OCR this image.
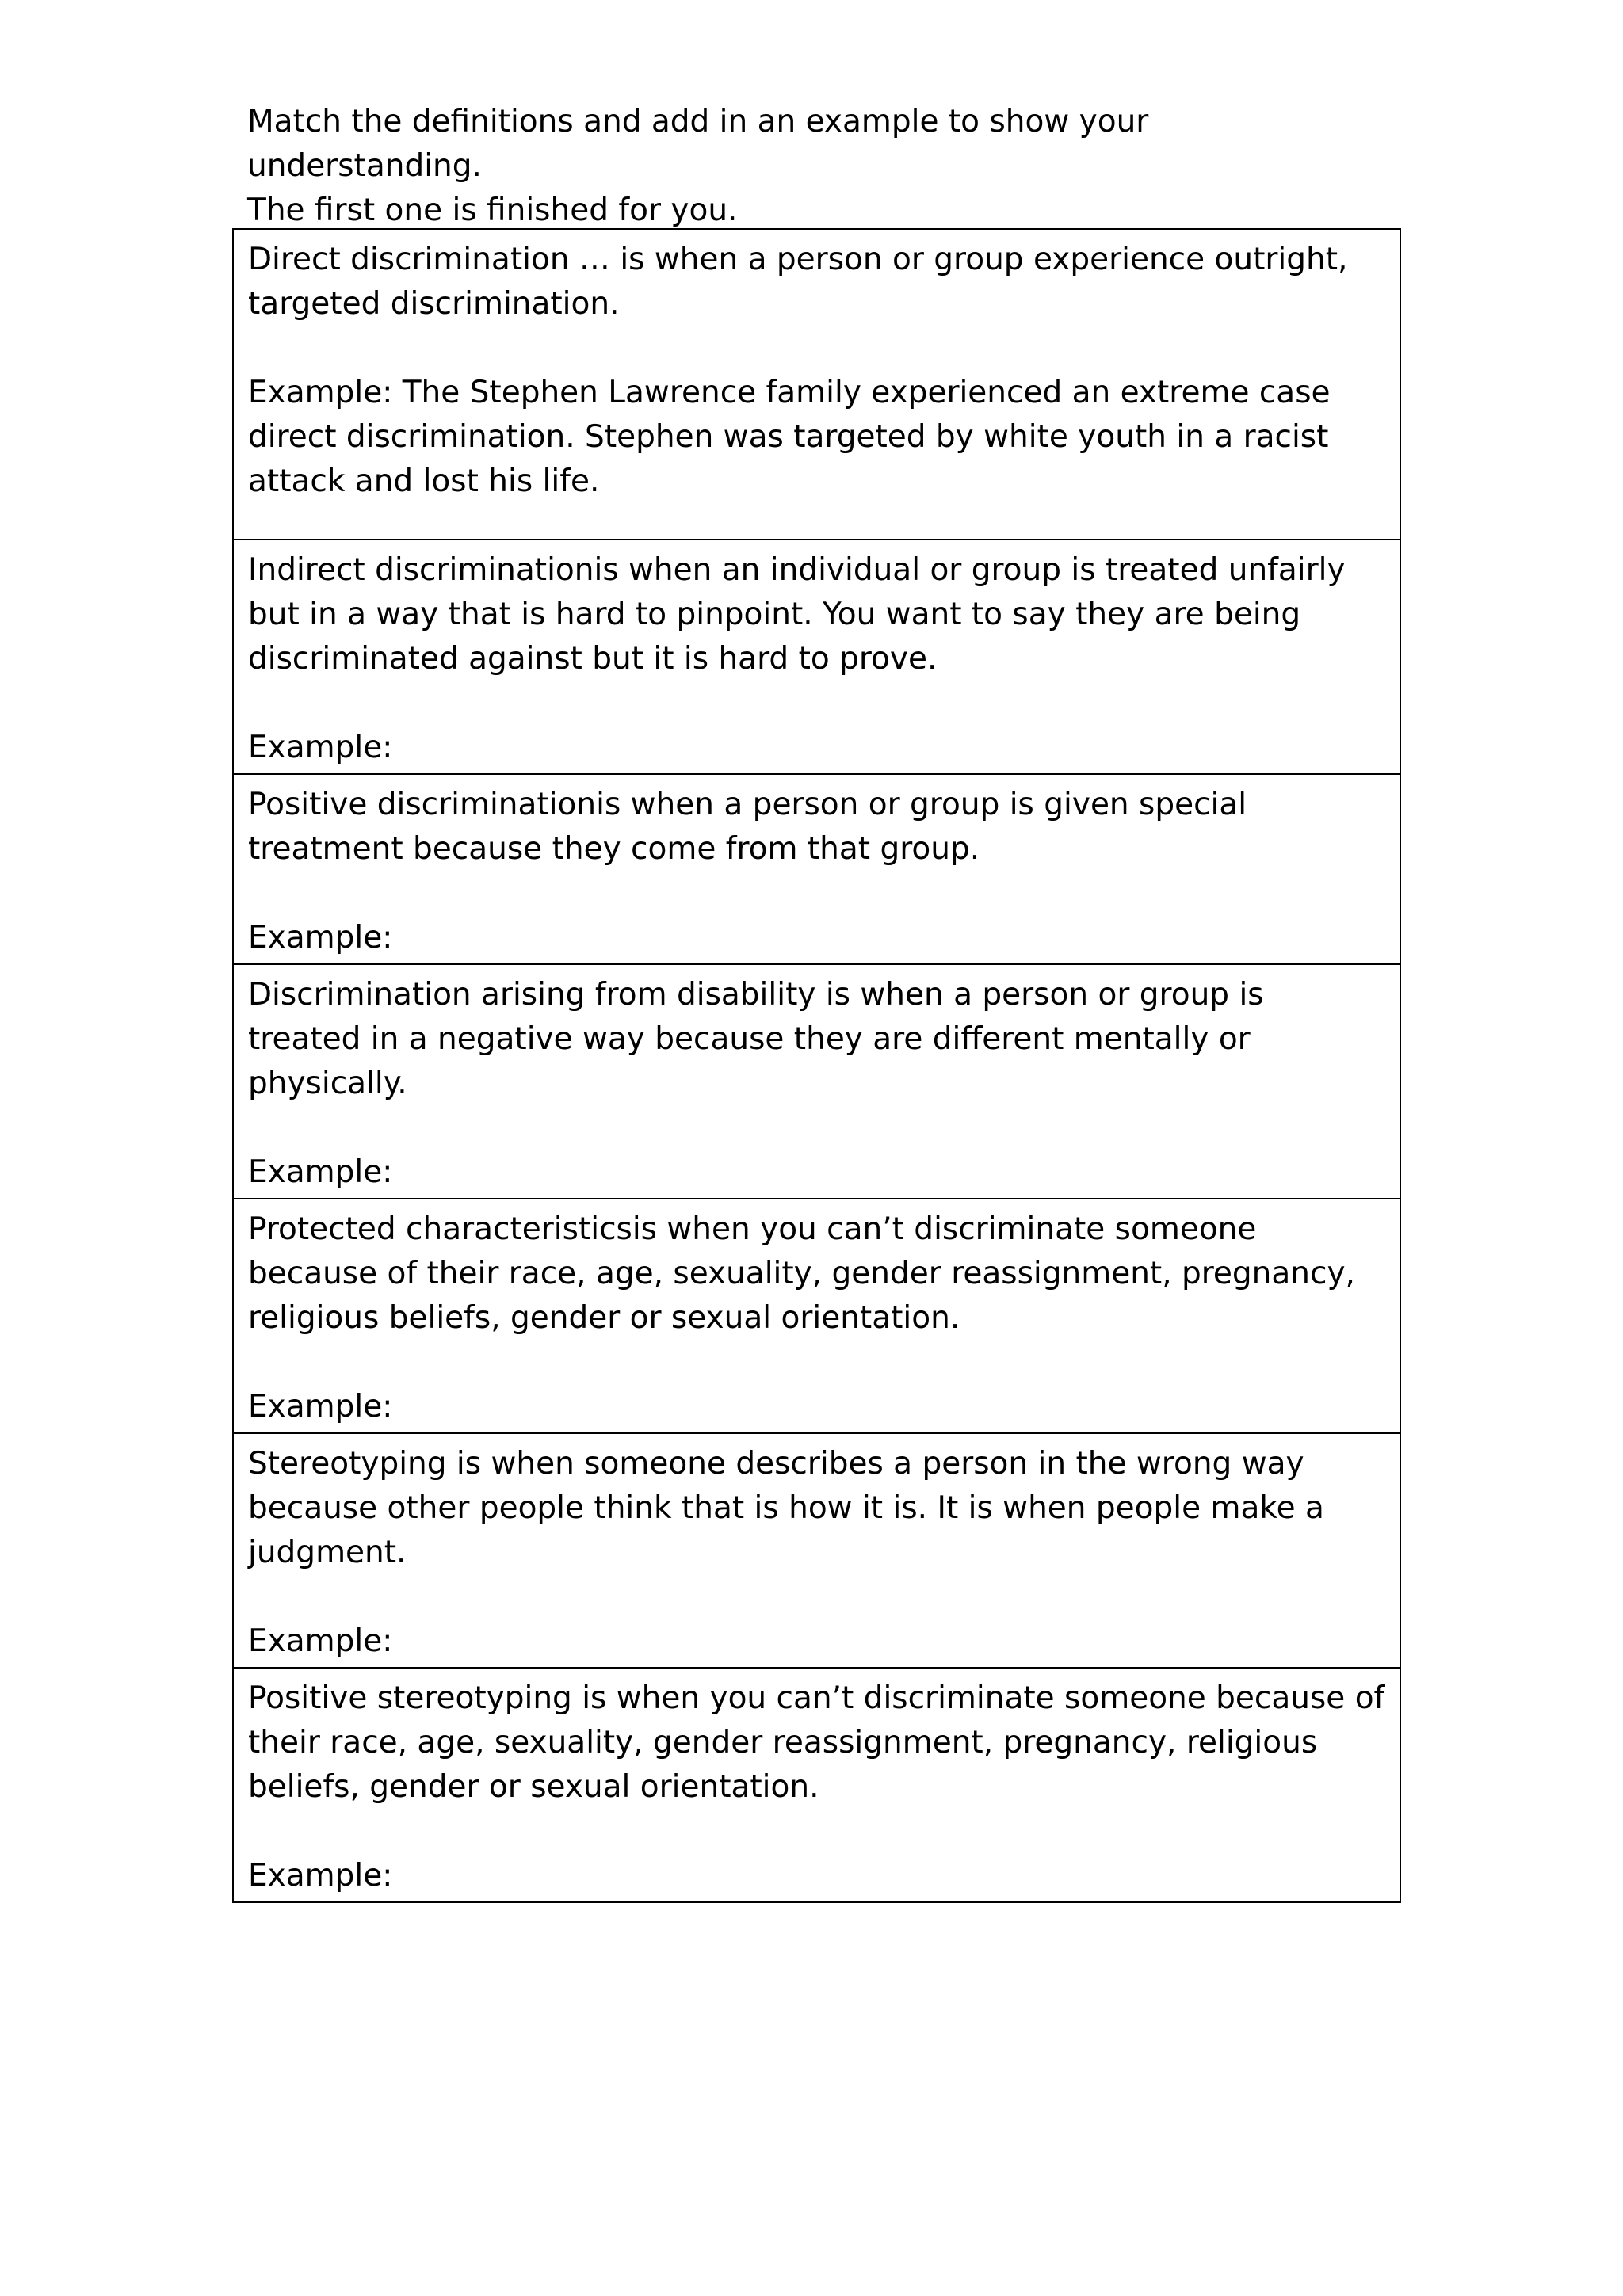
Match the definitions and add in an example to show your understanding.

The first one is finished for you.

Direct discrimination … is when a person or group experience outright, targeted discrimination.

Example: The Stephen Lawrence family experienced an extreme case direct discrimination. Stephen was targeted by white youth in a racist attack and lost his life.

Indirect discriminationis when an individual or group is treated unfairly  but in a way that is hard to pinpoint. You want to say they are being discriminated against but it is hard to prove.

Example:

Positive discriminationis when a person or group is given special treatment because they come from that group.

Example:

Discrimination arising from disability is when a person or group is treated in a negative way because they are different mentally or physically.

Example:

Protected characteristicsis when you can’t discriminate someone because of their race, age, sexuality, gender reassignment, pregnancy, religious beliefs, gender or sexual orientation.

Example:

Stereotyping is when someone describes a person in the wrong way because other people think that is how it is. It is when people make a judgment.

Example:

Positive stereotyping is when you can’t discriminate someone because of their race, age, sexuality, gender reassignment, pregnancy, religious beliefs, gender or sexual orientation.

Example:
